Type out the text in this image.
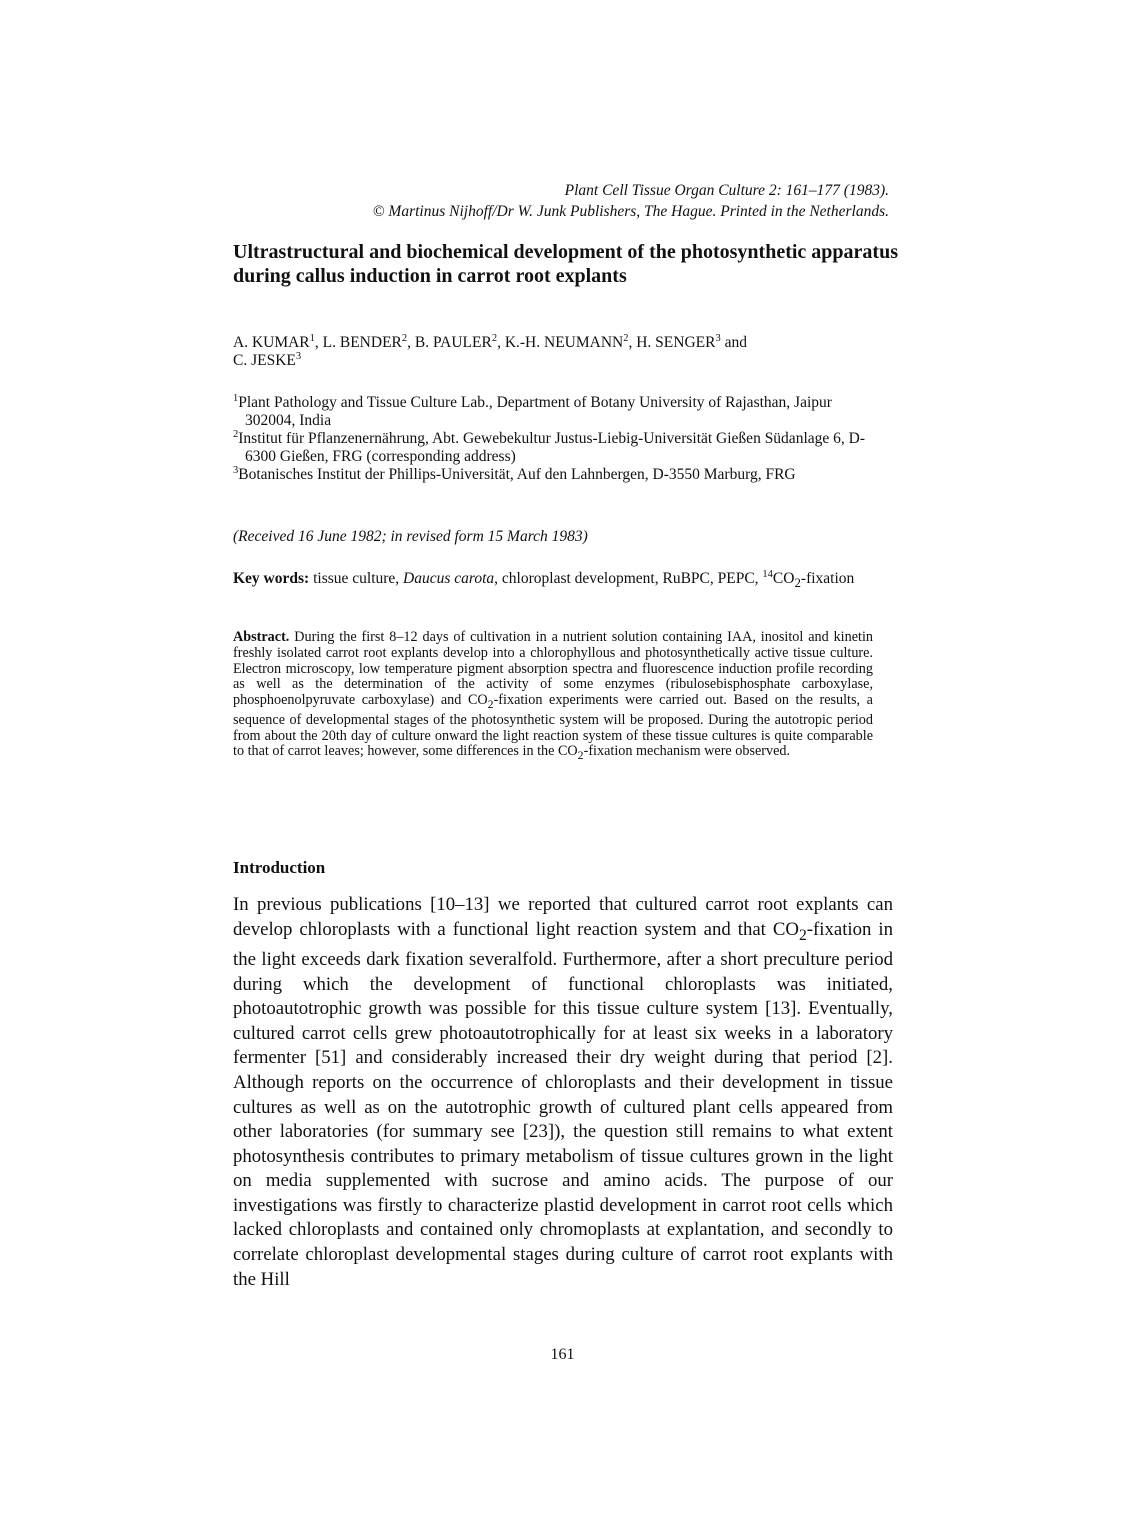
Plant Cell Tissue Organ Culture 2: 161–177 (1983).
© Martinus Nijhoff/Dr W. Junk Publishers, The Hague. Printed in the Netherlands.
Ultrastructural and biochemical development of the photosynthetic apparatus during callus induction in carrot root explants
A. KUMAR$^1$, L. BENDER$^2$, B. PAULER$^2$, K.-H. NEUMANN$^2$, H. SENGER$^3$ and
C. JESKE$^3$

$^1$Plant Pathology and Tissue Culture Lab., Department of Botany University of Rajasthan, Jaipur 302004, India

$^2$Institut für Pflanzenernährung, Abt. Gewebekultur Justus-Liebig-Universität Gießen Südanlage 6, D-6300 Gießen, FRG (corresponding address)

$^3$Botanisches Institut der Phillips-Universität, Auf den Lahnbergen, D-3550 Marburg, FRG

(Received 16 June 1982; in revised form 15 March 1983)
Key words: tissue culture, Daucus carota, chloroplast development, RuBPC, PEPC, $^{14}CO_2$-fixation
Abstract. During the first 8–12 days of cultivation in a nutrient solution containing IAA, inositol and kinetin freshly isolated carrot root explants develop into a chlorophyllous and photosynthetically active tissue culture. Electron microscopy, low temperature pigment absorption spectra and fluorescence induction profile recording as well as the determination of the activity of some enzymes (ribulosebisphosphate carboxylase, phosphoenolpyruvate carboxylase) and $CO_2$-fixation experiments were carried out. Based on the results, a sequence of developmental stages of the photosynthetic system will be proposed. During the autotropic period from about the 20th day of culture onward the light reaction system of these tissue cultures is quite comparable to that of carrot leaves; however, some differences in the $CO_2$-fixation mechanism were observed.
Introduction

In previous publications [10–13] we reported that cultured carrot root explants can develop chloroplasts with a functional light reaction system and that $CO_2$-fixation in the light exceeds dark fixation severalfold. Furthermore, after a short preculture period during which the development of functional chloroplasts was initiated, photoautotrophic growth was possible for this tissue culture system [13]. Eventually, cultured carrot cells grew photoautotrophically for at least six weeks in a laboratory fermenter [51] and considerably increased their dry weight during that period [2]. Although reports on the occurrence of chloroplasts and their development in tissue cultures as well as on the autotrophic growth of cultured plant cells appeared from other laboratories (for summary see [23]), the question still remains to what extent photosynthesis contributes to primary metabolism of tissue cultures grown in the light on media supplemented with sucrose and amino acids. The purpose of our investigations was firstly to characterize plastid development in carrot root cells which lacked chloroplasts and contained only chromoplasts at explantation, and secondly to correlate chloroplast developmental stages during culture of carrot root explants with the Hill

161
